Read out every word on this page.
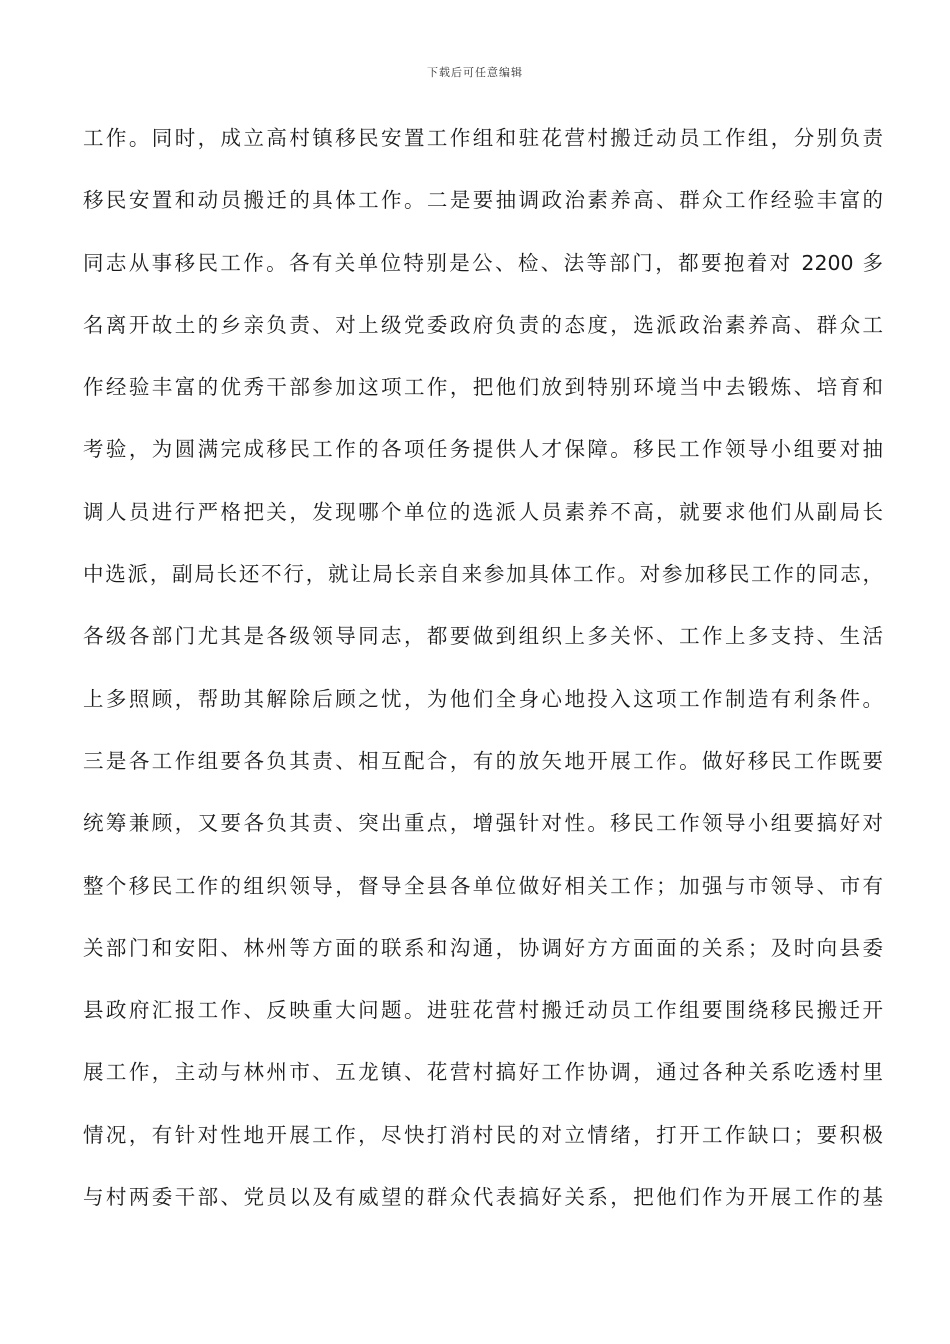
下载后可任意编辑
工作。同时，成立高村镇移民安置工作组和驻花营村搬迁动员工作组，分别负责
移民安置和动员搬迁的具体工作。二是要抽调政治素养高、群众工作经验丰富的
同志从事移民工作。各有关单位特别是公、检、法等部门，都要抱着对 2200 多
名离开故土的乡亲负责、对上级党委政府负责的态度，选派政治素养高、群众工
作经验丰富的优秀干部参加这项工作，把他们放到特别环境当中去锻炼、培育和
考验，为圆满完成移民工作的各项任务提供人才保障。移民工作领导小组要对抽
调人员进行严格把关，发现哪个单位的选派人员素养不高，就要求他们从副局长
中选派，副局长还不行，就让局长亲自来参加具体工作。对参加移民工作的同志，
各级各部门尤其是各级领导同志，都要做到组织上多关怀、工作上多支持、生活
上多照顾，帮助其解除后顾之忧，为他们全身心地投入这项工作制造有利条件。
三是各工作组要各负其责、相互配合，有的放矢地开展工作。做好移民工作既要
统筹兼顾，又要各负其责、突出重点，增强针对性。移民工作领导小组要搞好对
整个移民工作的组织领导，督导全县各单位做好相关工作；加强与市领导、市有
关部门和安阳、林州等方面的联系和沟通，协调好方方面面的关系；及时向县委
县政府汇报工作、反映重大问题。进驻花营村搬迁动员工作组要围绕移民搬迁开
展工作，主动与林州市、五龙镇、花营村搞好工作协调，通过各种关系吃透村里
情况，有针对性地开展工作，尽快打消村民的对立情绪，打开工作缺口；要积极
与村两委干部、党员以及有威望的群众代表搞好关系，把他们作为开展工作的基
